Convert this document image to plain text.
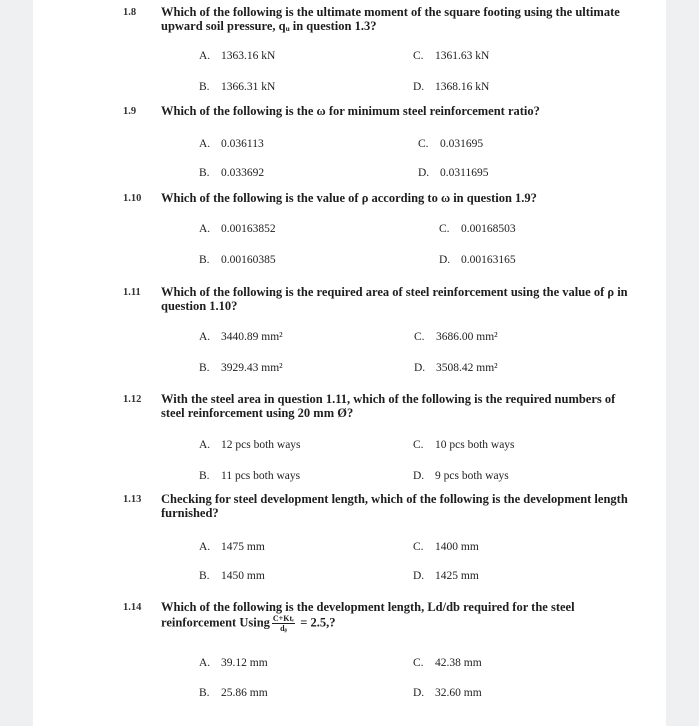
1.8 Which of the following is the ultimate moment of the square footing using the ultimate upward soil pressure, qᵤ in question 1.3?
A. 1363.16 kN	C. 1361.63 kN
B. 1366.31 kN	D. 1368.16 kN
1.9 Which of the following is the ω for minimum steel reinforcement ratio?
A. 0.036113	C. 0.031695
B. 0.033692	D. 0.0311695
1.10 Which of the following is the value of ρ according to ω in question 1.9?
A. 0.00163852	C. 0.00168503
B. 0.00160385	D. 0.00163165
1.11 Which of the following is the required area of steel reinforcement using the value of ρ in question 1.10?
A. 3440.89 mm²	C. 3686.00 mm²
B. 3929.43 mm²	D. 3508.42 mm²
1.12 With the steel area in question 1.11, which of the following is the required numbers of steel reinforcement using 20 mm Ø?
A. 12 pcs both ways	C. 10 pcs both ways
B. 11 pcs both ways	D. 9 pcs both ways
1.13 Checking for steel development length, which of the following is the development length furnished?
A. 1475 mm	C. 1400 mm
B. 1450 mm	D. 1425 mm
1.14 Which of the following is the development length, Ld/db required for the steel
reinforcement Using $\frac{\text{C+Ktᵣ}}{\text{dᵦ}} = 2.5$,?
A. 39.12 mm	C. 42.38 mm
B. 25.86 mm	D. 32.60 mm
